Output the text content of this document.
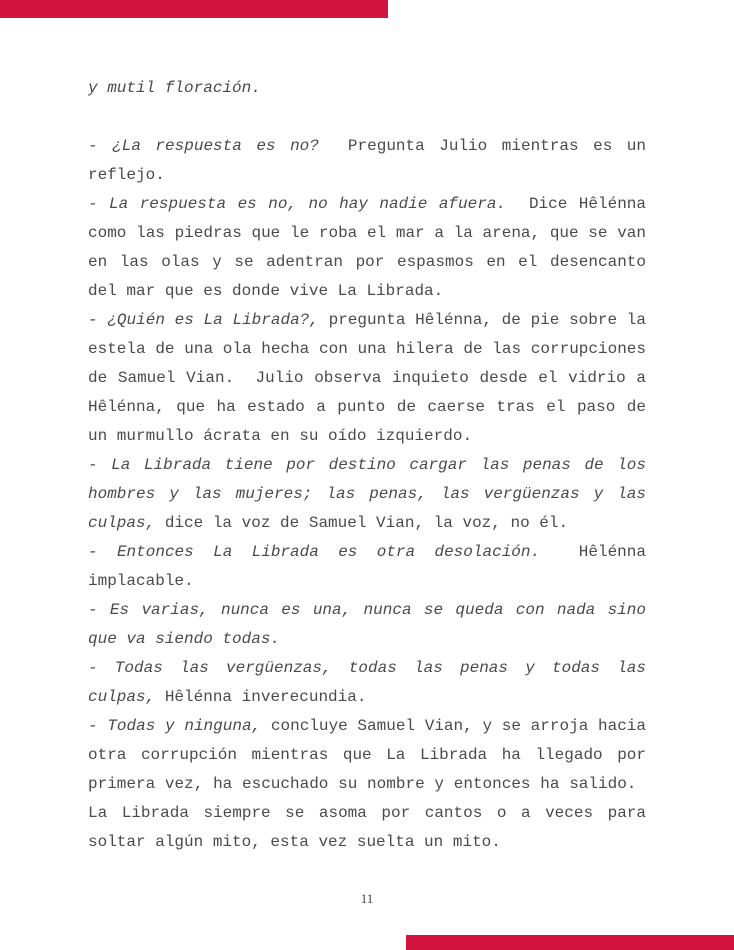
y mutil floración.

- ¿La respuesta es no?  Pregunta Julio mientras es un reflejo.

- La respuesta es no, no hay nadie afuera.  Dice Hêlénna como las piedras que le roba el mar a la arena, que se van en las olas y se adentran por espasmos en el desencanto del mar que es donde vive La Librada.

- ¿Quién es La Librada?, pregunta Hêlénna, de pie sobre la estela de una ola hecha con una hilera de las corrupciones de Samuel Vian.  Julio observa inquieto desde el vidrio a Hêlénna, que ha estado a punto de caerse tras el paso de un murmullo ácrata en su oído izquierdo.

- La Librada tiene por destino cargar las penas de los hombres y las mujeres; las penas, las vergüenzas y las culpas, dice la voz de Samuel Vian, la voz, no él.

- Entonces La Librada es otra desolación.  Hêlénna implacable.

- Es varias, nunca es una, nunca se queda con nada sino que va siendo todas.

- Todas las vergüenzas, todas las penas y todas las culpas, Hêlénna inverecundia.

- Todas y ninguna, concluye Samuel Vian, y se arroja hacia otra corrupción mientras que La Librada ha llegado por primera vez, ha escuchado su nombre y entonces ha salido.  La Librada siempre se asoma por cantos o a veces para soltar algún mito, esta vez suelta un mito.

11
